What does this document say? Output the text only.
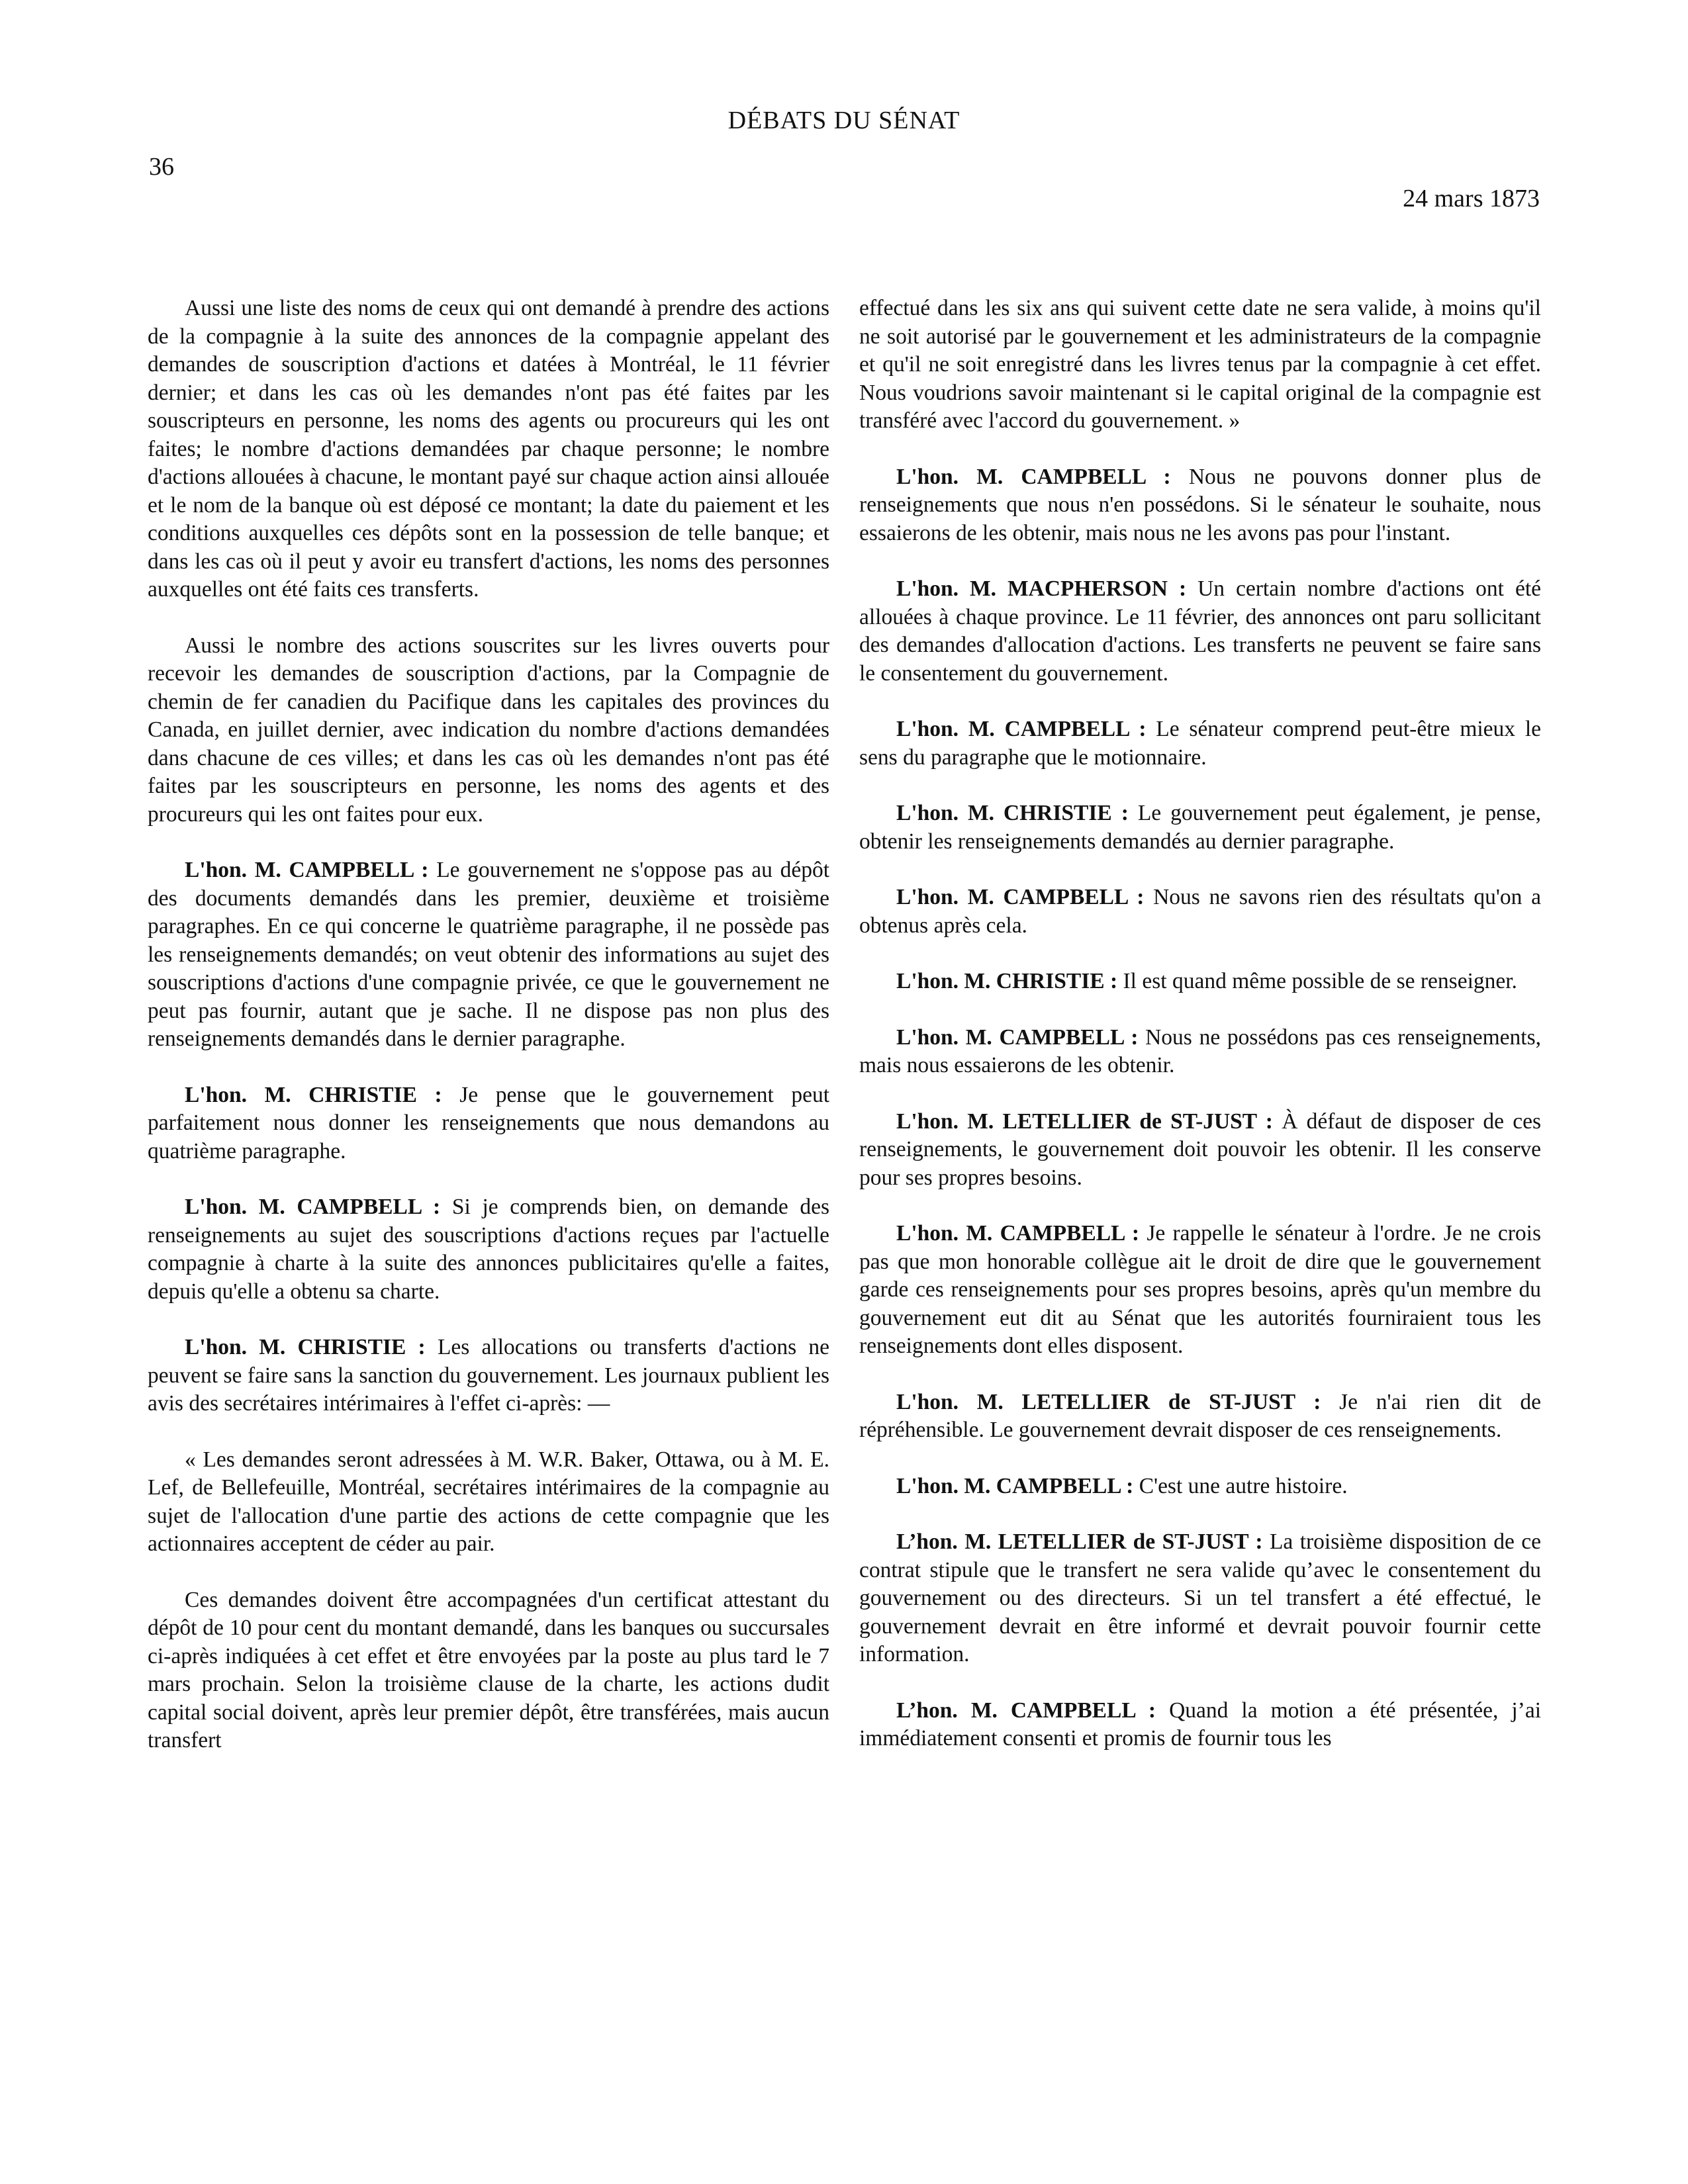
DÉBATS DU SÉNAT
36
24 mars 1873

Aussi une liste des noms de ceux qui ont demandé à prendre des actions de la compagnie à la suite des annonces de la compagnie appelant des demandes de souscription d'actions et datées à Montréal, le 11 février dernier; et dans les cas où les demandes n'ont pas été faites par les souscripteurs en personne, les noms des agents ou procureurs qui les ont faites; le nombre d'actions demandées par chaque personne; le nombre d'actions allouées à chacune, le montant payé sur chaque action ainsi allouée et le nom de la banque où est déposé ce montant; la date du paiement et les conditions auxquelles ces dépôts sont en la possession de telle banque; et dans les cas où il peut y avoir eu transfert d'actions, les noms des personnes auxquelles ont été faits ces transferts.

Aussi le nombre des actions souscrites sur les livres ouverts pour recevoir les demandes de souscription d'actions, par la Compagnie de chemin de fer canadien du Pacifique dans les capitales des provinces du Canada, en juillet dernier, avec indication du nombre d'actions demandées dans chacune de ces villes; et dans les cas où les demandes n'ont pas été faites par les souscripteurs en personne, les noms des agents et des procureurs qui les ont faites pour eux.

L'hon. M. CAMPBELL : Le gouvernement ne s'oppose pas au dépôt des documents demandés dans les premier, deuxième et troisième paragraphes. En ce qui concerne le quatrième paragraphe, il ne possède pas les renseignements demandés; on veut obtenir des informations au sujet des souscriptions d'actions d'une compagnie privée, ce que le gouvernement ne peut pas fournir, autant que je sache. Il ne dispose pas non plus des renseignements demandés dans le dernier paragraphe.

L'hon. M. CHRISTIE : Je pense que le gouvernement peut parfaitement nous donner les renseignements que nous demandons au quatrième paragraphe.

L'hon. M. CAMPBELL : Si je comprends bien, on demande des renseignements au sujet des souscriptions d'actions reçues par l'actuelle compagnie à charte à la suite des annonces publicitaires qu'elle a faites, depuis qu'elle a obtenu sa charte.

L'hon. M. CHRISTIE : Les allocations ou transferts d'actions ne peuvent se faire sans la sanction du gouvernement. Les journaux publient les avis des secrétaires intérimaires à l'effet ci-après: —

« Les demandes seront adressées à M. W.R. Baker, Ottawa, ou à M. E. Lef, de Bellefeuille, Montréal, secrétaires intérimaires de la compagnie au sujet de l'allocation d'une partie des actions de cette compagnie que les actionnaires acceptent de céder au pair.

Ces demandes doivent être accompagnées d'un certificat attestant du dépôt de 10 pour cent du montant demandé, dans les banques ou succursales ci-après indiquées à cet effet et être envoyées par la poste au plus tard le 7 mars prochain. Selon la troisième clause de la charte, les actions dudit capital social doivent, après leur premier dépôt, être transférées, mais aucun transfert

effectué dans les six ans qui suivent cette date ne sera valide, à moins qu'il ne soit autorisé par le gouvernement et les administrateurs de la compagnie et qu'il ne soit enregistré dans les livres tenus par la compagnie à cet effet. Nous voudrions savoir maintenant si le capital original de la compagnie est transféré avec l'accord du gouvernement. »

L'hon. M. CAMPBELL : Nous ne pouvons donner plus de renseignements que nous n'en possédons. Si le sénateur le souhaite, nous essaierons de les obtenir, mais nous ne les avons pas pour l'instant.

L'hon. M. MACPHERSON : Un certain nombre d'actions ont été allouées à chaque province. Le 11 février, des annonces ont paru sollicitant des demandes d'allocation d'actions. Les transferts ne peuvent se faire sans le consentement du gouvernement.

L'hon. M. CAMPBELL : Le sénateur comprend peut-être mieux le sens du paragraphe que le motionnaire.

L'hon. M. CHRISTIE : Le gouvernement peut également, je pense, obtenir les renseignements demandés au dernier paragraphe.

L'hon. M. CAMPBELL : Nous ne savons rien des résultats qu'on a obtenus après cela.

L'hon. M. CHRISTIE : Il est quand même possible de se renseigner.

L'hon. M. CAMPBELL : Nous ne possédons pas ces renseignements, mais nous essaierons de les obtenir.

L'hon. M. LETELLIER de ST-JUST : À défaut de disposer de ces renseignements, le gouvernement doit pouvoir les obtenir. Il les conserve pour ses propres besoins.

L'hon. M. CAMPBELL : Je rappelle le sénateur à l'ordre. Je ne crois pas que mon honorable collègue ait le droit de dire que le gouvernement garde ces renseignements pour ses propres besoins, après qu'un membre du gouvernement eut dit au Sénat que les autorités fourniraient tous les renseignements dont elles disposent.

L'hon. M. LETELLIER de ST-JUST : Je n'ai rien dit de répréhensible. Le gouvernement devrait disposer de ces renseignements.

L'hon. M. CAMPBELL : C'est une autre histoire.

L’hon. M. LETELLIER de ST-JUST : La troisième disposition de ce contrat stipule que le transfert ne sera valide qu’avec le consentement du gouvernement ou des directeurs. Si un tel transfert a été effectué, le gouvernement devrait en être informé et devrait pouvoir fournir cette information.

L’hon. M. CAMPBELL : Quand la motion a été présentée, j’ai immédiatement consenti et promis de fournir tous les
